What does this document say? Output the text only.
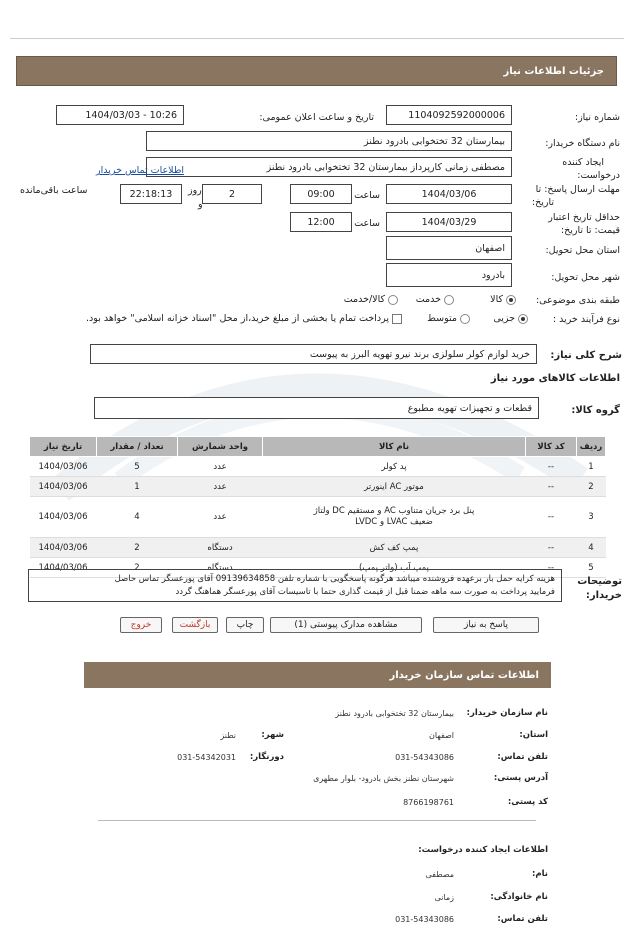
جزئیات اطلاعات نیاز
شماره نیاز:
1104092592000006
تاریخ و ساعت اعلان عمومی:
1404/03/03 - 10:26
نام دستگاه خریدار:
بیمارستان 32 تختخوابی بادرود نطنز
ایجاد کننده
درخواست:
مصطفی زمانی کارپرداز بیمارستان 32 تختخوابی بادرود نطنز
اطلاعات تماس خریدار
مهلت ارسال پاسخ: تا
تاریخ:
1404/03/06
ساعت
09:00
2
روز
و
22:18:13
ساعت باقی‌مانده
حداقل تاریخ اعتبار
قیمت: تا تاریخ:
1404/03/29
ساعت
12:00
استان محل تحویل:
اصفهان
شهر محل تحویل:
بادرود
طبقه بندی موضوعی:
کالا
خدمت
کالا/خدمت
نوع فرآیند خرید :
جزیی
متوسط
پرداخت تمام یا بخشی از مبلغ خرید،از محل "اسناد خزانه اسلامی" خواهد بود.
شرح کلی نیاز:
خرید لوازم کولر سلولزی برند نیرو تهویه البرز به پیوست
اطلاعات کالاهای مورد نیاز
گروه کالا:
قطعات و تجهیزات تهویه مطبوع
ردیف	کد کالا	نام کالا	واحد شمارش	تعداد / مقدار	تاریخ نیاز
1	--	پد کولر	عدد	5	1404/03/06
2	--	موتور AC اینورتر	عدد	1	1404/03/06
3	--	پنل برد جریان متناوب AC و مستقیم DC ولتاژ ضعیف LVAC و LVDC	عدد	4	1404/03/06
4	--	پمپ کف کش	دستگاه	2	1404/03/06
5	--	پمپ آب (واتر پمپ)	دستگاه	2	1404/03/06
توضیحات
خریدار:
هزینه کرایه حمل بار برعهده فروشنده میباشد هرگونه پاسخگویی با شماره تلفن 09139634858 آقای پورعسگر تماس حاصل
فرمایید پرداخت به صورت سه ماهه ضمنا قبل از قیمت گذاری حتما با تاسیسات آقای پورعسگر هماهنگ گردد
پاسخ به نیاز
مشاهده مدارک پیوستی (1)
چاپ
بازگشت
خروج
اطلاعات تماس سازمان خریدار
نام سازمان خریدار:
بیمارستان 32 تختخوابی بادرود نطنز
استان:
اصفهان
شهر:
نطنز
تلفن تماس:
031-54343086
دورنگار:
031-54342031
آدرس پستی:
شهرستان نطنز بخش بادرود- بلوار مطهری
کد پستی:
8766198761
اطلاعات ایجاد کننده درخواست:
نام:
مصطفی
نام خانوادگی:
زمانی
تلفن تماس:
031-54343086
